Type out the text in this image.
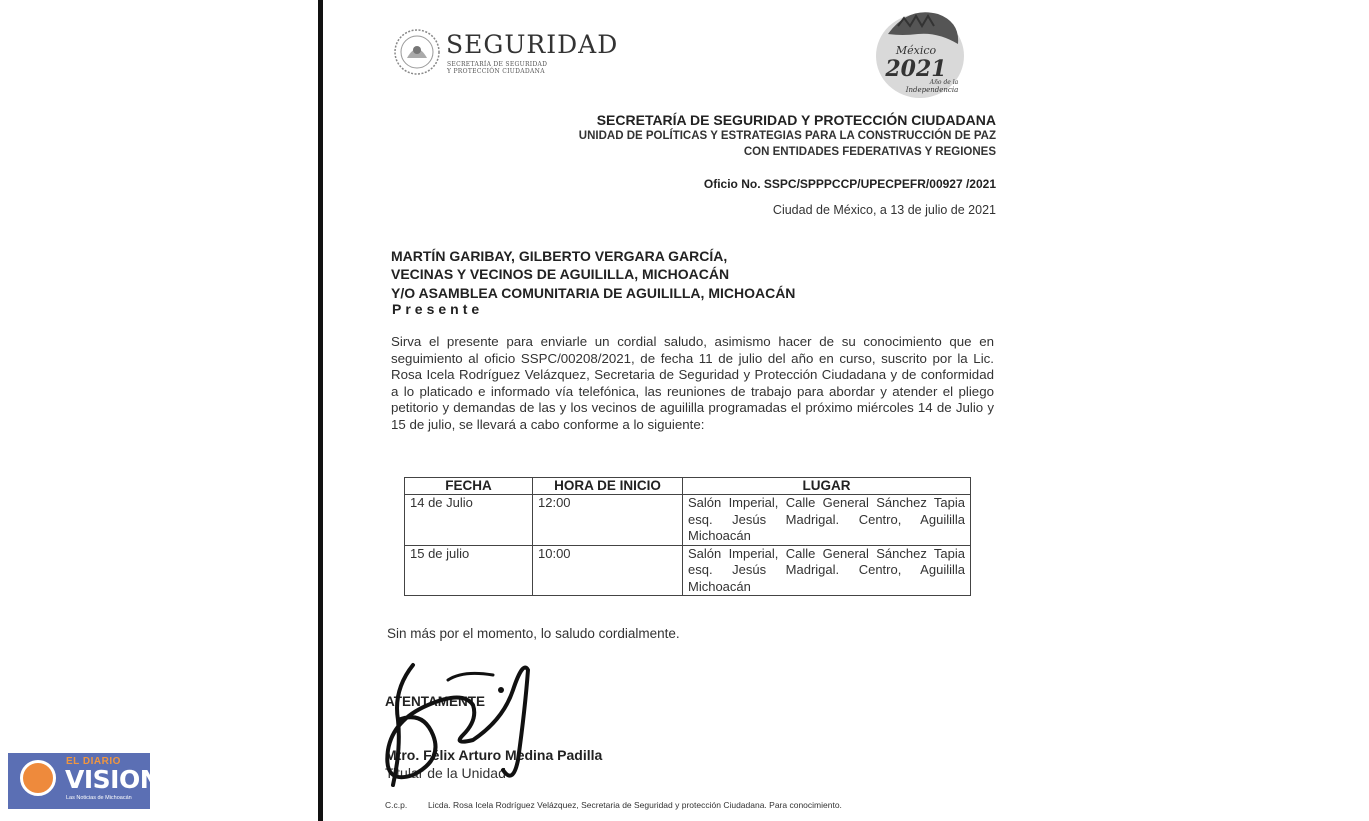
SEGURIDAD
SECRETARÍA DE SEGURIDAD
Y PROTECCIÓN CIUDADANA
México
2021
Año de la
Independencia
SECRETARÍA DE SEGURIDAD Y PROTECCIÓN CIUDADANA
UNIDAD DE POLÍTICAS Y ESTRATEGIAS PARA LA CONSTRUCCIÓN DE PAZ
CON ENTIDADES FEDERATIVAS Y REGIONES
Oficio No. SSPC/SPPPCCP/UPECPEFR/00927 /2021
Ciudad de México, a 13 de julio de 2021
MARTÍN GARIBAY, GILBERTO VERGARA GARCÍA,
VECINAS Y VECINOS DE AGUILILLA, MICHOACÁN
Y/O ASAMBLEA COMUNITARIA DE AGUILILLA, MICHOACÁN
Presente
Sirva el presente para enviarle un cordial saludo, asimismo hacer de su conocimiento que en seguimiento al oficio SSPC/00208/2021, de fecha 11 de julio del año en curso, suscrito por la Lic. Rosa Icela Rodríguez Velázquez, Secretaria de Seguridad y Protección Ciudadana y de conformidad a lo platicado e informado vía telefónica, las reuniones de trabajo para abordar y atender el pliego petitorio y demandas de las y los vecinos de aguililla programadas el próximo miércoles 14 de Julio y 15 de julio, se llevará a cabo conforme a lo siguiente:
FECHA	HORA DE INICIO	LUGAR
14 de Julio	12:00	Salón Imperial, Calle General Sánchez Tapia esq. Jesús Madrigal. Centro, Aguililla Michoacán
15 de julio	10:00	Salón Imperial, Calle General Sánchez Tapia esq. Jesús Madrigal. Centro, Aguililla Michoacán
Sin más por el momento, lo saludo cordialmente.
ATENTAMENTE
Mtro. Félix Arturo Medina Padilla
Titular de la Unidad
C.c.p. Licda. Rosa Icela Rodríguez Velázquez, Secretaria de Seguridad y protección Ciudadana. Para conocimiento.
EL DIARIO
VISION
Las Noticias de Michoacán
